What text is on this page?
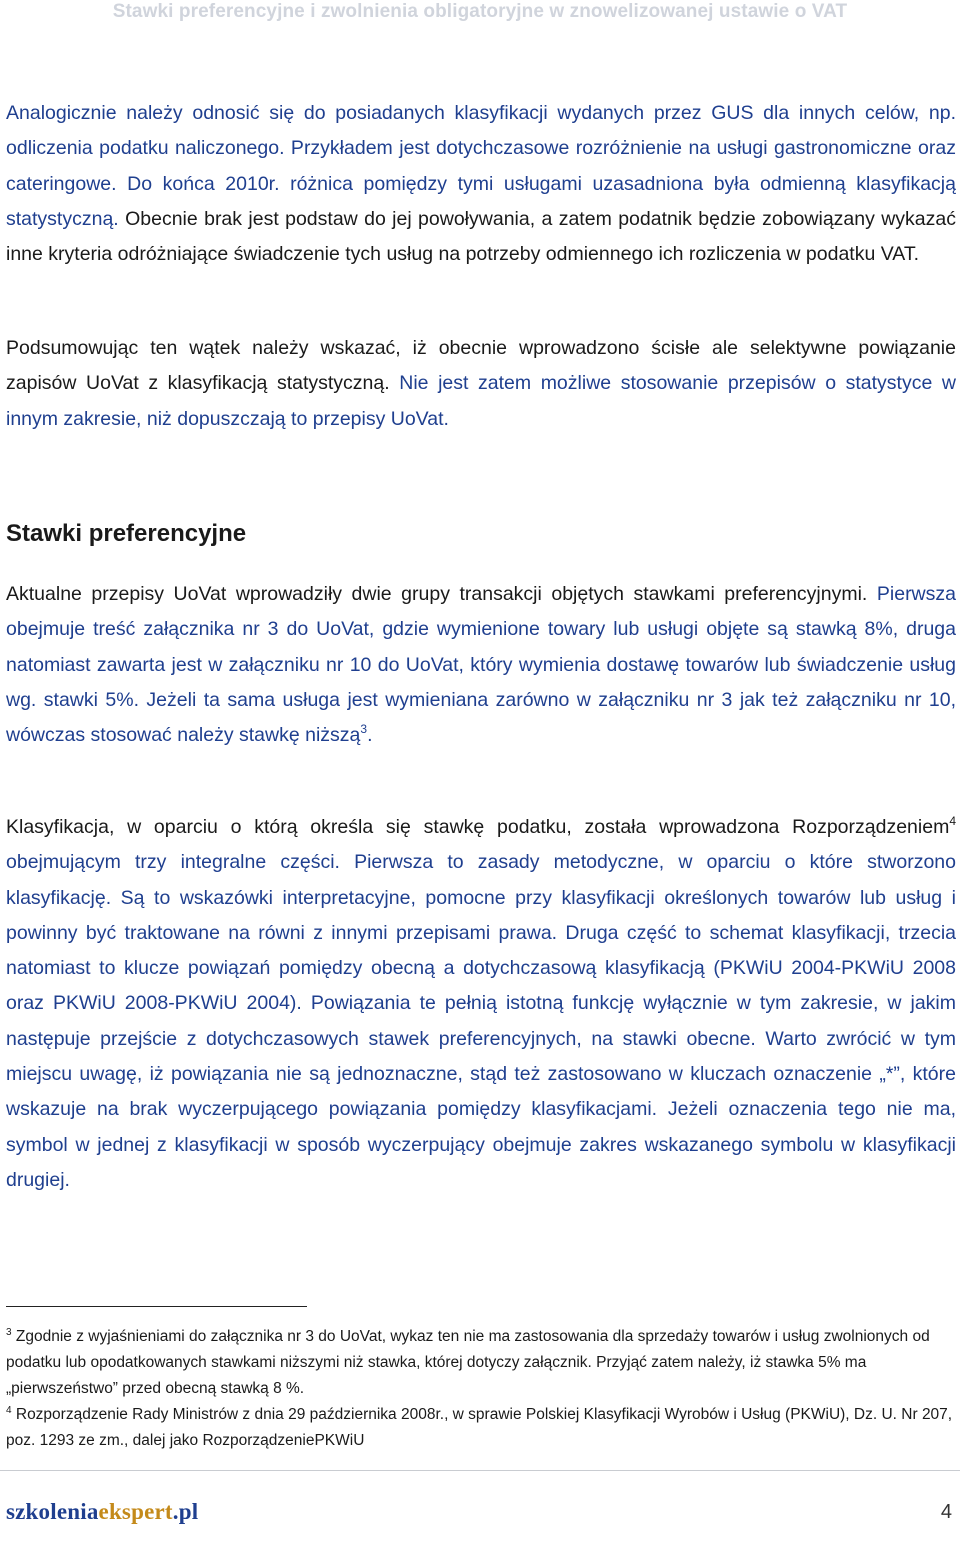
Stawki preferencyjne i zwolnienia obligatoryjne w znowelizowanej ustawie o VAT

Analogicznie należy odnosić się do posiadanych klasyfikacji wydanych przez GUS dla innych celów, np. odliczenia podatku naliczonego. Przykładem jest dotychczasowe rozróżnienie na usługi gastronomiczne oraz cateringowe. Do końca 2010r. różnica pomiędzy tymi usługami uzasadniona była odmienną klasyfikacją statystyczną. Obecnie brak jest podstaw do jej powoływania, a zatem podatnik będzie zobowiązany wykazać inne kryteria odróżniające świadczenie tych usług na potrzeby odmiennego ich rozliczenia w podatku VAT.

Podsumowując ten wątek należy wskazać, iż obecnie wprowadzono ścisłe ale selektywne powiązanie zapisów UoVat z klasyfikacją statystyczną. Nie jest zatem możliwe stosowanie przepisów o statystyce w innym zakresie, niż dopuszczają to przepisy UoVat.

Stawki preferencyjne

Aktualne przepisy UoVat wprowadziły dwie grupy transakcji objętych stawkami preferencyjnymi. Pierwsza obejmuje treść załącznika nr 3 do UoVat, gdzie wymienione towary lub usługi objęte są stawką 8%, druga natomiast zawarta jest w załączniku nr 10 do UoVat, który wymienia dostawę towarów lub świadczenie usług wg. stawki 5%. Jeżeli ta sama usługa jest wymieniana zarówno w załączniku nr 3 jak też załączniku nr 10, wówczas stosować należy stawkę niższą$^3$.

Klasyfikacja, w oparciu o którą określa się stawkę podatku, została wprowadzona Rozporządzeniem$^4$ obejmującym trzy integralne części. Pierwsza to zasady metodyczne, w oparciu o które stworzono klasyfikację. Są to wskazówki interpretacyjne, pomocne przy klasyfikacji określonych towarów lub usług i powinny być traktowane na równi z innymi przepisami prawa. Druga część to schemat klasyfikacji, trzecia natomiast to klucze powiązań pomiędzy obecną a dotychczasową klasyfikacją (PKWiU 2004-PKWiU 2008 oraz PKWiU 2008-PKWiU 2004). Powiązania te pełnią istotną funkcję wyłącznie w tym zakresie, w jakim następuje przejście z dotychczasowych stawek preferencyjnych, na stawki obecne. Warto zwrócić w tym miejscu uwagę, iż powiązania nie są jednoznaczne, stąd też zastosowano w kluczach oznaczenie „*”, które wskazuje na brak wyczerpującego powiązania pomiędzy klasyfikacjami. Jeżeli oznaczenia tego nie ma, symbol w jednej z klasyfikacji w sposób wyczerpujący obejmuje zakres wskazanego symbolu w klasyfikacji drugiej.

$^3$ Zgodnie z wyjaśnieniami do załącznika nr 3 do UoVat, wykaz ten nie ma zastosowania dla sprzedaży towarów i usług zwolnionych od podatku lub opodatkowanych stawkami niższymi niż stawka, której dotyczy załącznik. Przyjąć zatem należy, iż stawka 5% ma „pierwszeństwo” przed obecną stawką 8 %.

$^4$ Rozporządzenie Rady Ministrów z dnia 29 października 2008r., w sprawie Polskiej Klasyfikacji Wyrobów i Usług (PKWiU), Dz. U. Nr 207, poz. 1293 ze zm., dalej jako RozporządzeniePKWiU

szkoleniaekspert.pl	4
